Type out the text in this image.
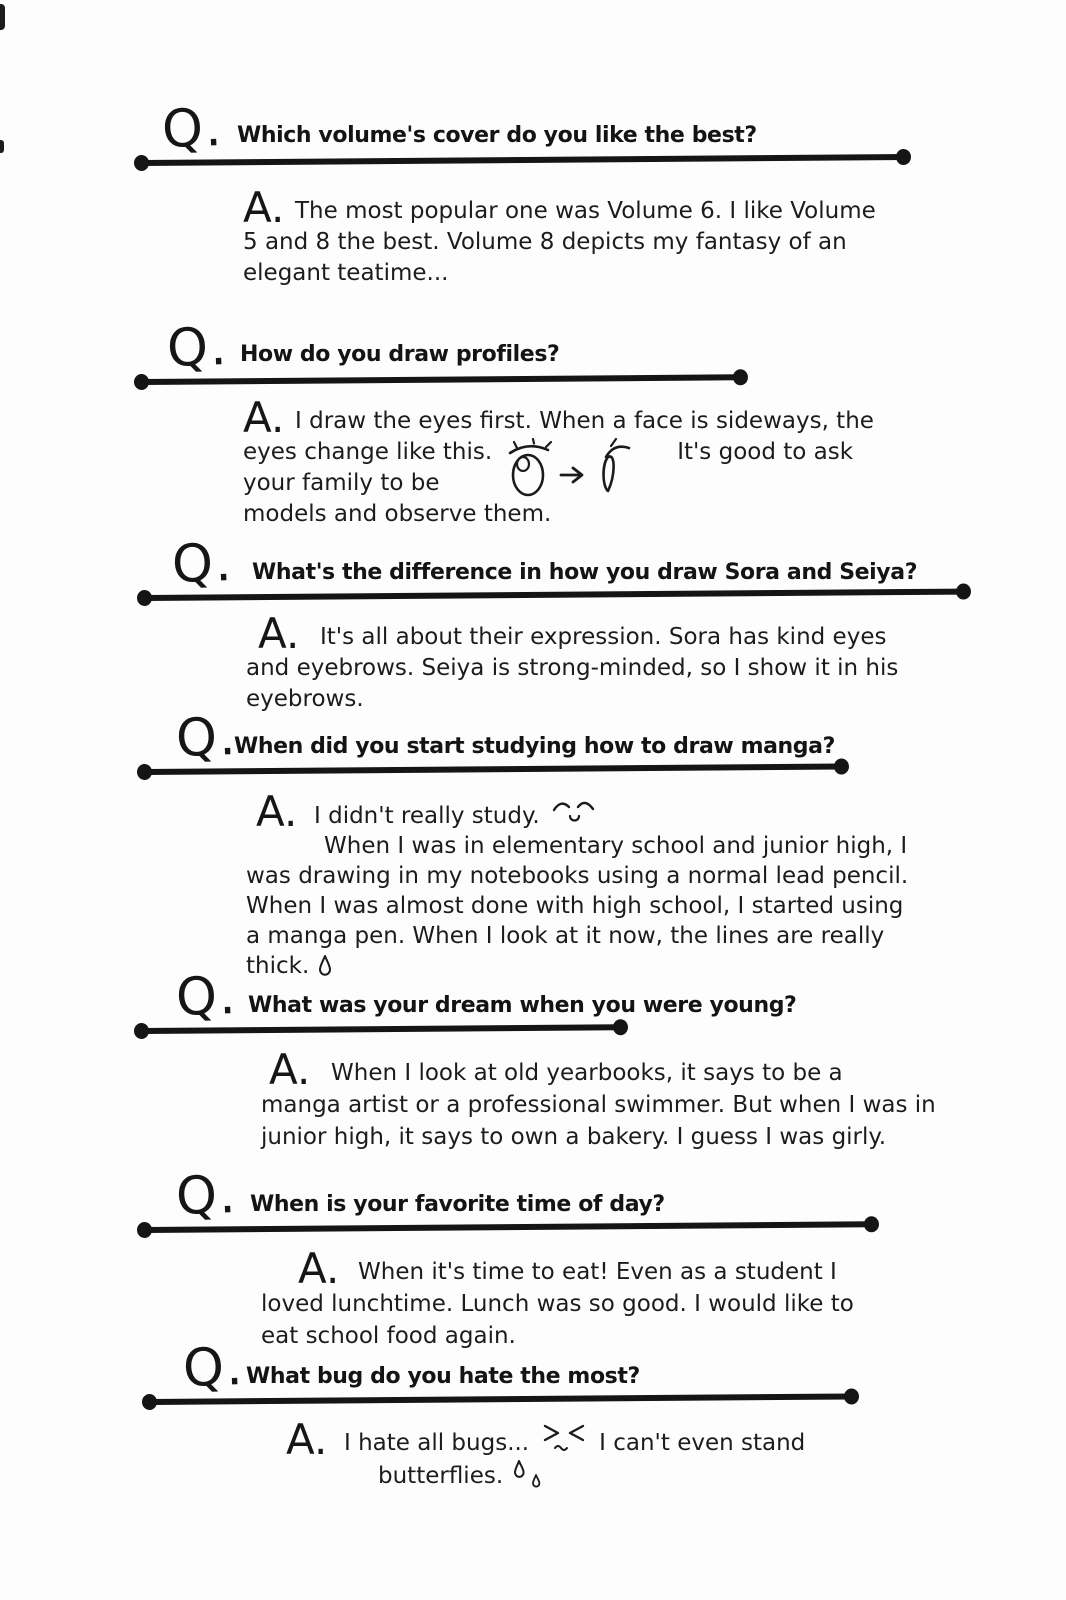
Q. Which volume's cover do you like the best?
A. The most popular one was Volume 6. I like Volume
5 and 8 the best. Volume 8 depicts my fantasy of an
elegant teatime...
Q. How do you draw profiles?
A. I draw the eyes first. When a face is sideways, the
eyes change like this.	It's good to ask
your family to be
models and observe them.
Q. What's the difference in how you draw Sora and Seiya?
A. It's all about their expression. Sora has kind eyes
and eyebrows. Seiya is strong-minded, so I show it in his
eyebrows.
Q.
When did you start studying how to draw manga?
A. I didn't really study.
When I was in elementary school and junior high, I
was drawing in my notebooks using a normal lead pencil.
When I was almost done with high school, I started using
a manga pen. When I look at it now, the lines are really
thick.
Q. What was your dream when you were young?
A. When I look at old yearbooks, it says to be a
manga artist or a professional swimmer. But when I was in
junior high, it says to own a bakery. I guess I was girly.
Q. When is your favorite time of day?
A. When it's time to eat! Even as a student I
loved lunchtime. Lunch was so good. I would like to
eat school food again.
Q. What bug do you hate the most?
A. I hate all bugs...	I can't even stand
butterflies.
